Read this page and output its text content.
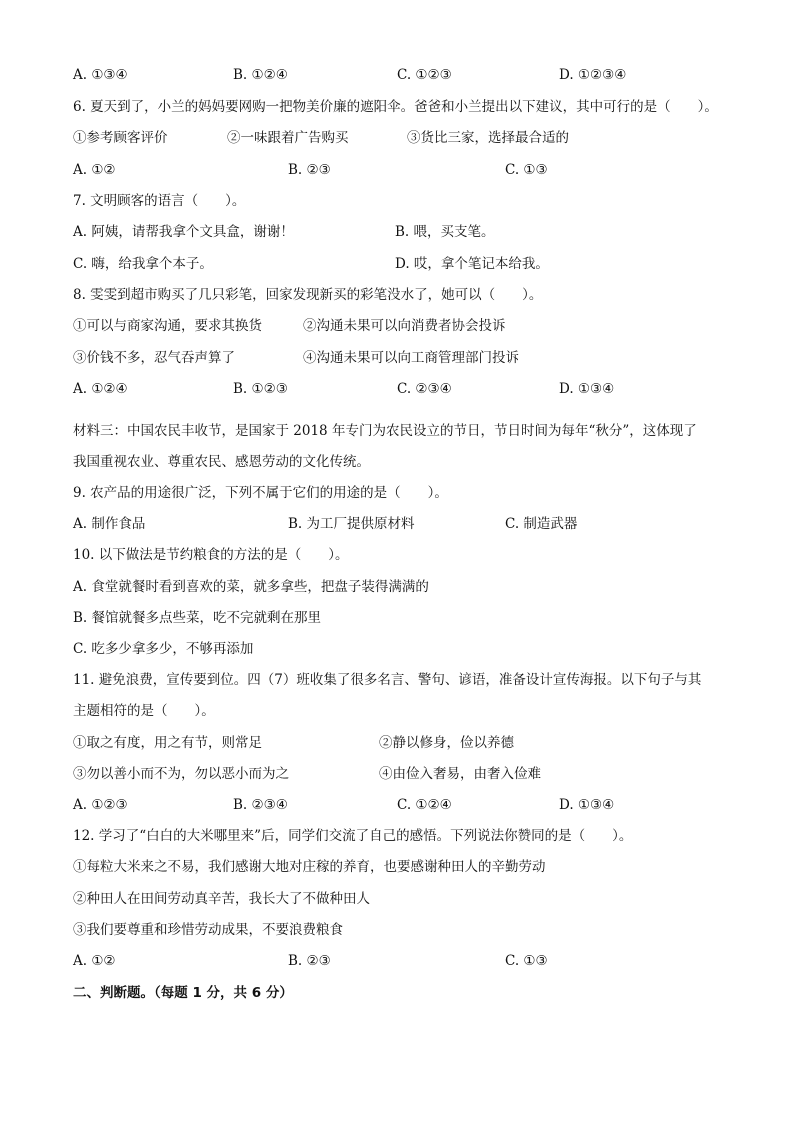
A. ①③④	B. ①②④	C. ①②③	D. ①②③④
6. 夏天到了，小兰的妈妈要网购一把物美价廉的遮阳伞。爸爸和小兰提出以下建议，其中可行的是（　　）。
①参考顾客评价	②一味跟着广告购买	③货比三家，选择最合适的
A. ①②	B. ②③	C. ①③
7. 文明顾客的语言（　　）。
A. 阿姨，请帮我拿个文具盒，谢谢！	B. 喂，买支笔。
C. 嗨，给我拿个本子。	D. 哎，拿个笔记本给我。
8. 雯雯到超市购买了几只彩笔，回家发现新买的彩笔没水了，她可以（　　）。
①可以与商家沟通，要求其换货	②沟通未果可以向消费者协会投诉
③价钱不多，忍气吞声算了	④沟通未果可以向工商管理部门投诉
A. ①②④	B. ①②③	C. ②③④	D. ①③④
材料三：中国农民丰收节，是国家于 2018 年专门为农民设立的节日，节日时间为每年“秋分”，这体现了
我国重视农业、尊重农民、感恩劳动的文化传统。
9. 农产品的用途很广泛，下列不属于它们的用途的是（　　）。
A. 制作食品	B. 为工厂提供原材料	C. 制造武器
10. 以下做法是节约粮食的方法的是（　　）。
A. 食堂就餐时看到喜欢的菜，就多拿些，把盘子装得满满的
B. 餐馆就餐多点些菜，吃不完就剩在那里
C. 吃多少拿多少，不够再添加
11. 避免浪费，宣传要到位。四（7）班收集了很多名言、警句、谚语，准备设计宣传海报。以下句子与其
主题相符的是（　　）。
①取之有度，用之有节，则常足	②静以修身，俭以养德
③勿以善小而不为，勿以恶小而为之	④由俭入奢易，由奢入俭难
A. ①②③	B. ②③④	C. ①②④	D. ①③④
12. 学习了“白白的大米哪里来”后，同学们交流了自己的感悟。下列说法你赞同的是（　　）。
①每粒大米来之不易，我们感谢大地对庄稼的养育，也要感谢种田人的辛勤劳动
②种田人在田间劳动真辛苦，我长大了不做种田人
③我们要尊重和珍惜劳动成果，不要浪费粮食
A. ①②	B. ②③	C. ①③
二、判断题。（每题 1 分，共 6 分）
